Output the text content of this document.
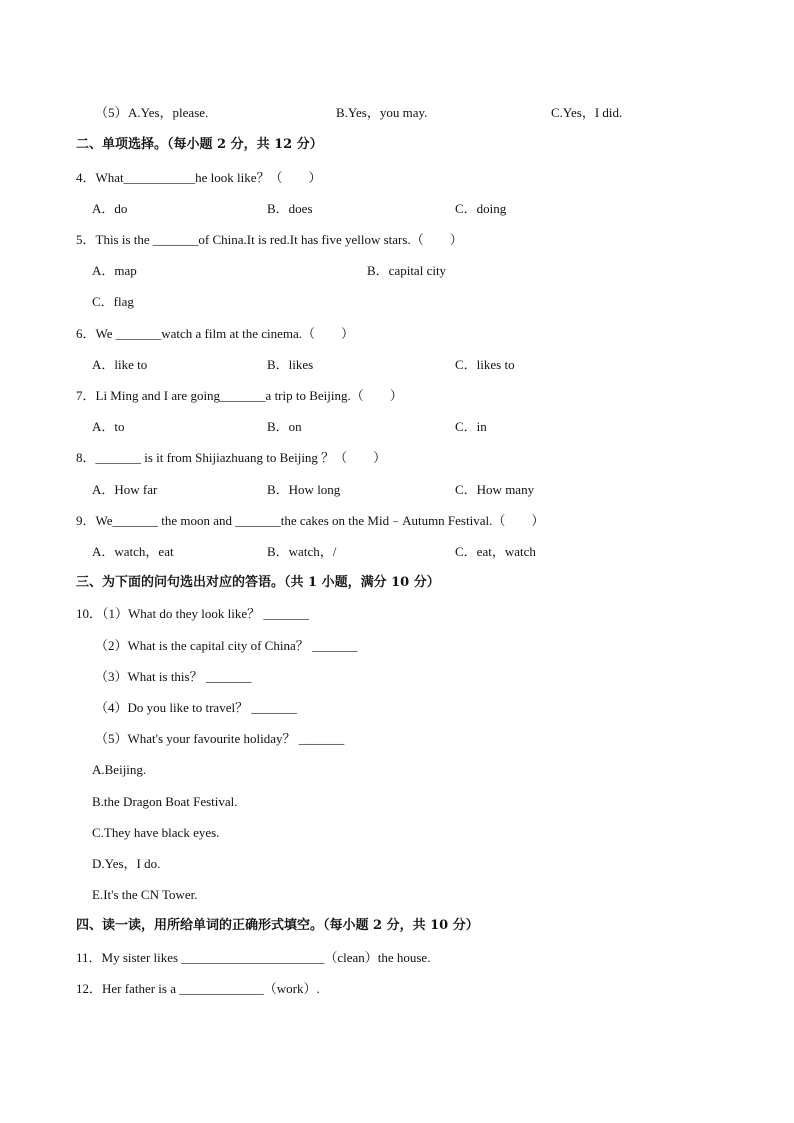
（5） A.Yes，please.	B.Yes，you may.	C.Yes，I did.
二、单项选择。（每小题 2 分，共 12 分）
4．What___________he look like？（　　）
A．do	B．does	C．doing
5．This is the _______of China.It is red.It has five yellow stars.（　　）
A．map	B．capital city
C．flag
6．We _______watch a film at the cinema.（　　）
A．like to	B．likes	C．likes to
7．Li Ming and I are going_______a trip to Beijing.（　　）
A．to	B．on	C．in
8．_______ is it from Shijiazhuang to Beijing ？（　　）
A．How far	B．How long	C．How many
9．We_______ the moon and _______the cakes on the Mid﹣Autumn Festival.（　　）
A．watch，eat	B．watch，/	C．eat，watch
三、为下面的问句选出对应的答语。（共 1 小题，满分 10 分）
10．（1）What do they look like？ _______
（2）What is the capital city of China？ _______
（3）What is this？ _______
（4）Do you like to travel？ _______
（5）What's your favourite holiday？ _______
A.Beijing.
B.the Dragon Boat Festival.
C.They have black eyes.
D.Yes，I do.
E.It's the CN Tower.
四、读一读，用所给单词的正确形式填空。（每小题 2 分，共 10 分）
11．My sister likes ______________________（clean）the house.
12．Her father is a _____________（work）.
